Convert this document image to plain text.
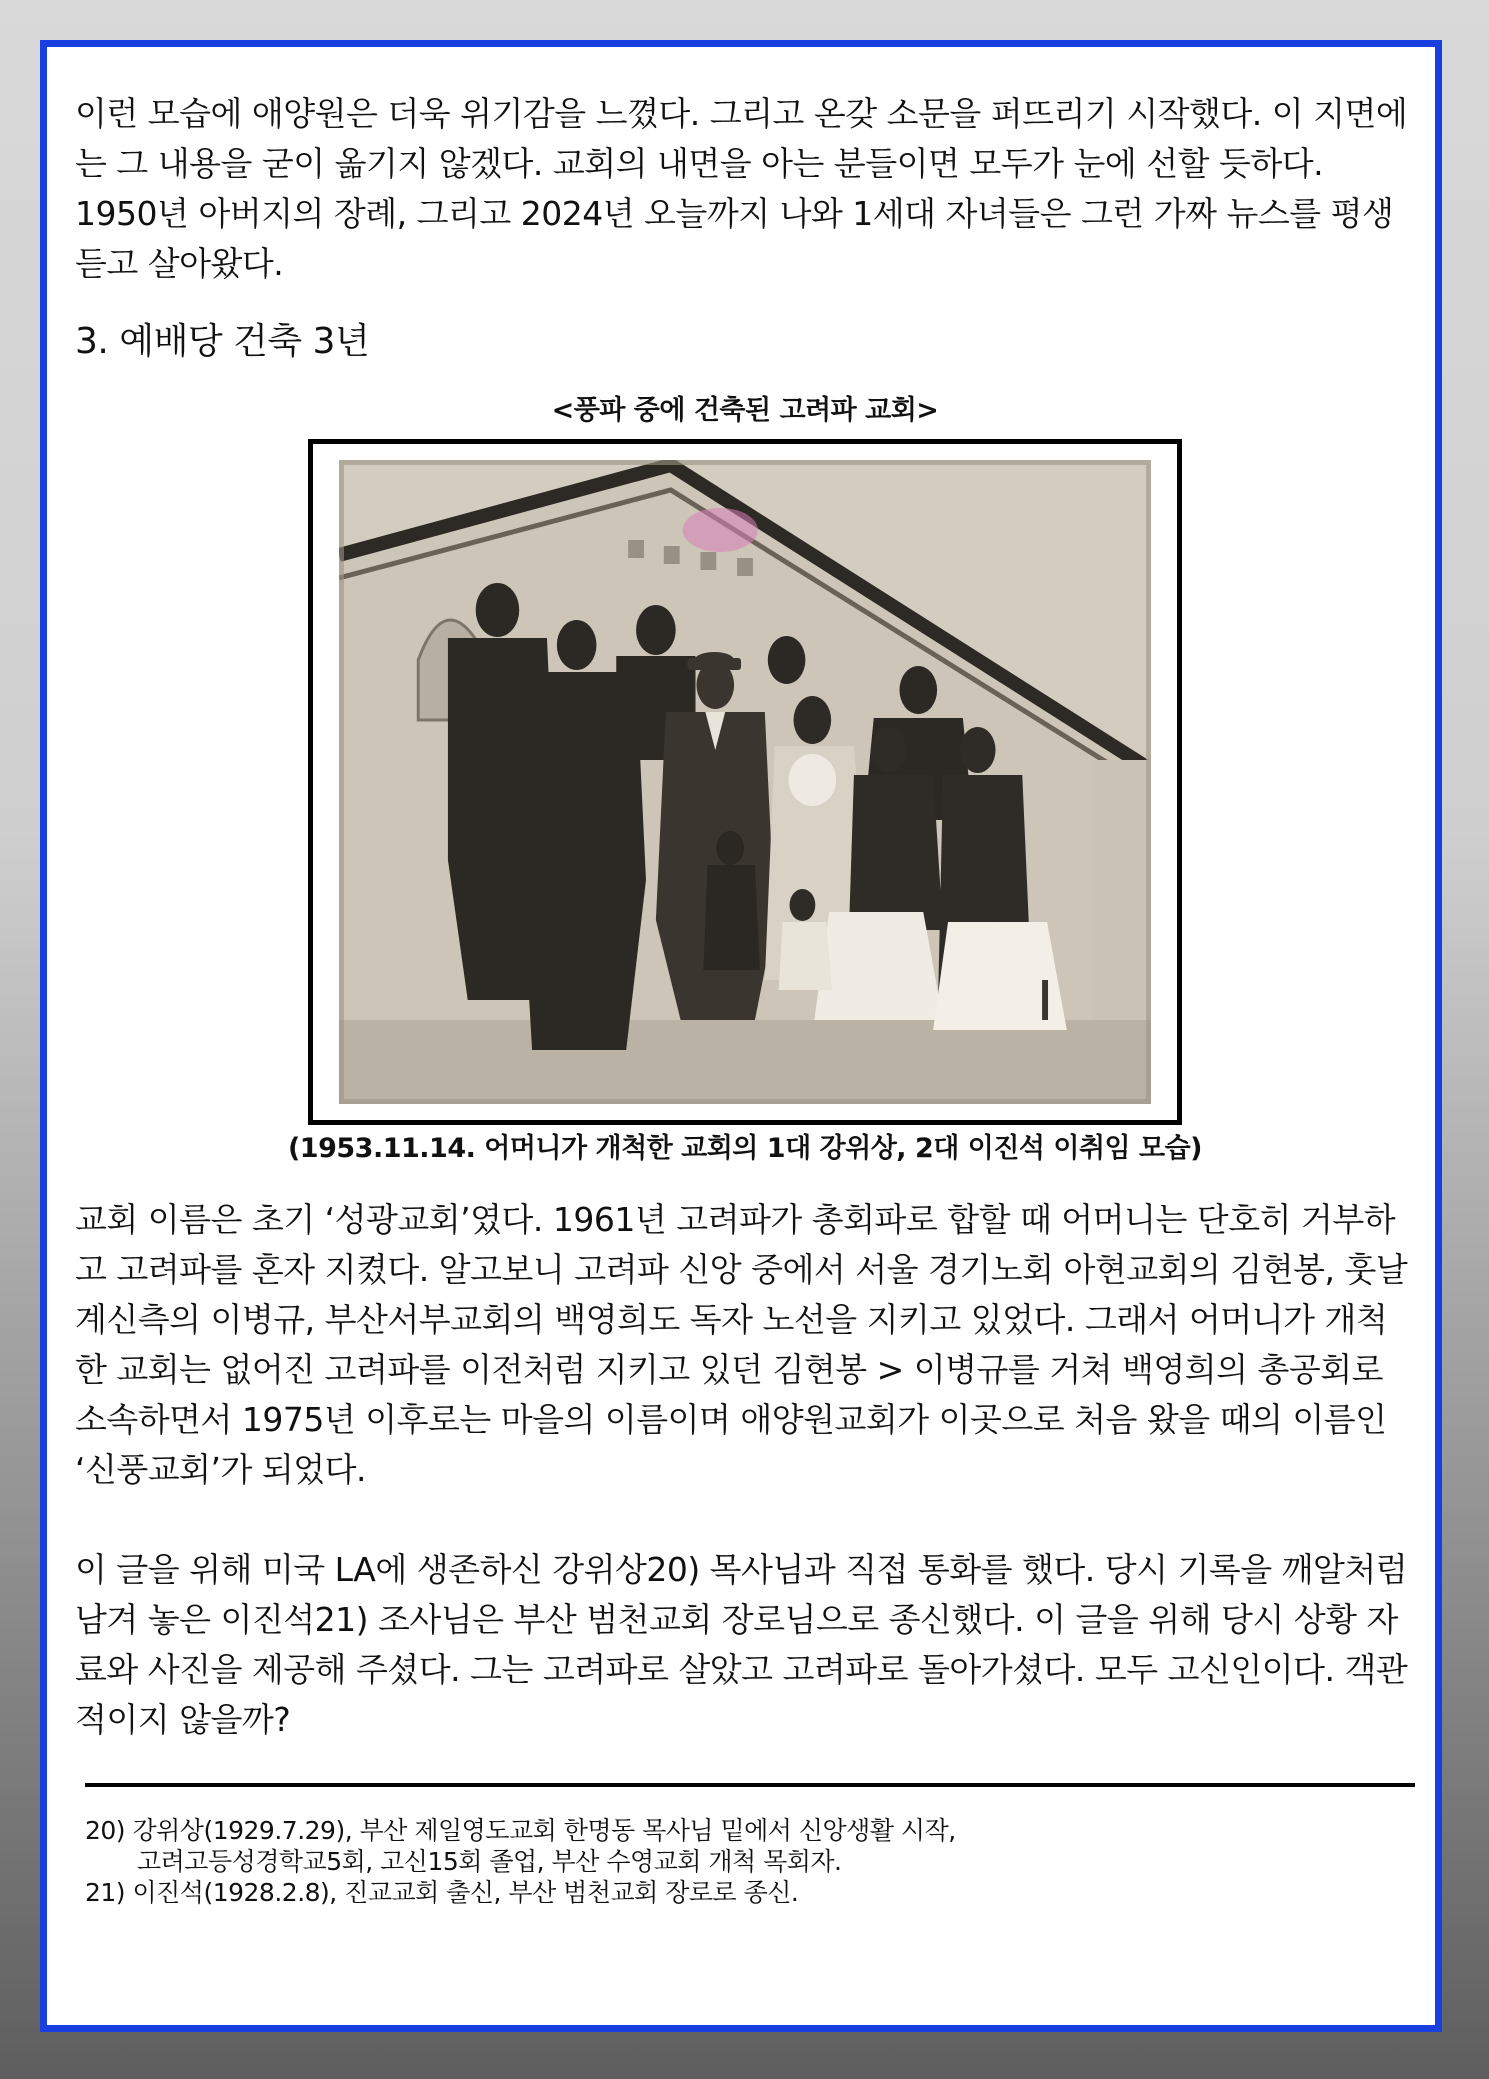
이런 모습에 애양원은 더욱 위기감을 느꼈다. 그리고 온갖 소문을 퍼뜨리기 시작했다. 이 지면에는 그 내용을 굳이 옮기지 않겠다. 교회의 내면을 아는 분들이면 모두가 눈에 선할 듯하다. 1950년 아버지의 장례, 그리고 2024년 오늘까지 나와 1세대 자녀들은 그런 가짜 뉴스를 평생 듣고 살아왔다.

3. 예배당 건축 3년

<풍파 중에 건축된 고려파 교회>

(1953.11.14. 어머니가 개척한 교회의 1대 강위상, 2대 이진석 이취임 모습)

교회 이름은 초기 ‘성광교회’였다. 1961년 고려파가 총회파로 합할 때 어머니는 단호히 거부하고 고려파를 혼자 지켰다. 알고보니 고려파 신앙 중에서 서울 경기노회 아현교회의 김현봉, 훗날 계신측의 이병규, 부산서부교회의 백영희도 독자 노선을 지키고 있었다. 그래서 어머니가 개척한 교회는 없어진 고려파를 이전처럼 지키고 있던 김현봉 > 이병규를 거쳐 백영희의 총공회로 소속하면서 1975년 이후로는 마을의 이름이며 애양원교회가 이곳으로 처음 왔을 때의 이름인 ‘신풍교회’가 되었다.

이 글을 위해 미국 LA에 생존하신 강위상20) 목사님과 직접 통화를 했다. 당시 기록을 깨알처럼 남겨 놓은 이진석21) 조사님은 부산 범천교회 장로님으로 종신했다. 이 글을 위해 당시 상황 자료와 사진을 제공해 주셨다. 그는 고려파로 살았고 고려파로 돌아가셨다. 모두 고신인이다. 객관적이지 않을까?

20) 강위상(1929.7.29), 부산 제일영도교회 한명동 목사님 밑에서 신앙생활 시작,

고려고등성경학교5회, 고신15회 졸업, 부산 수영교회 개척 목회자.

21) 이진석(1928.2.8), 진교교회 출신, 부산 범천교회 장로로 종신.
